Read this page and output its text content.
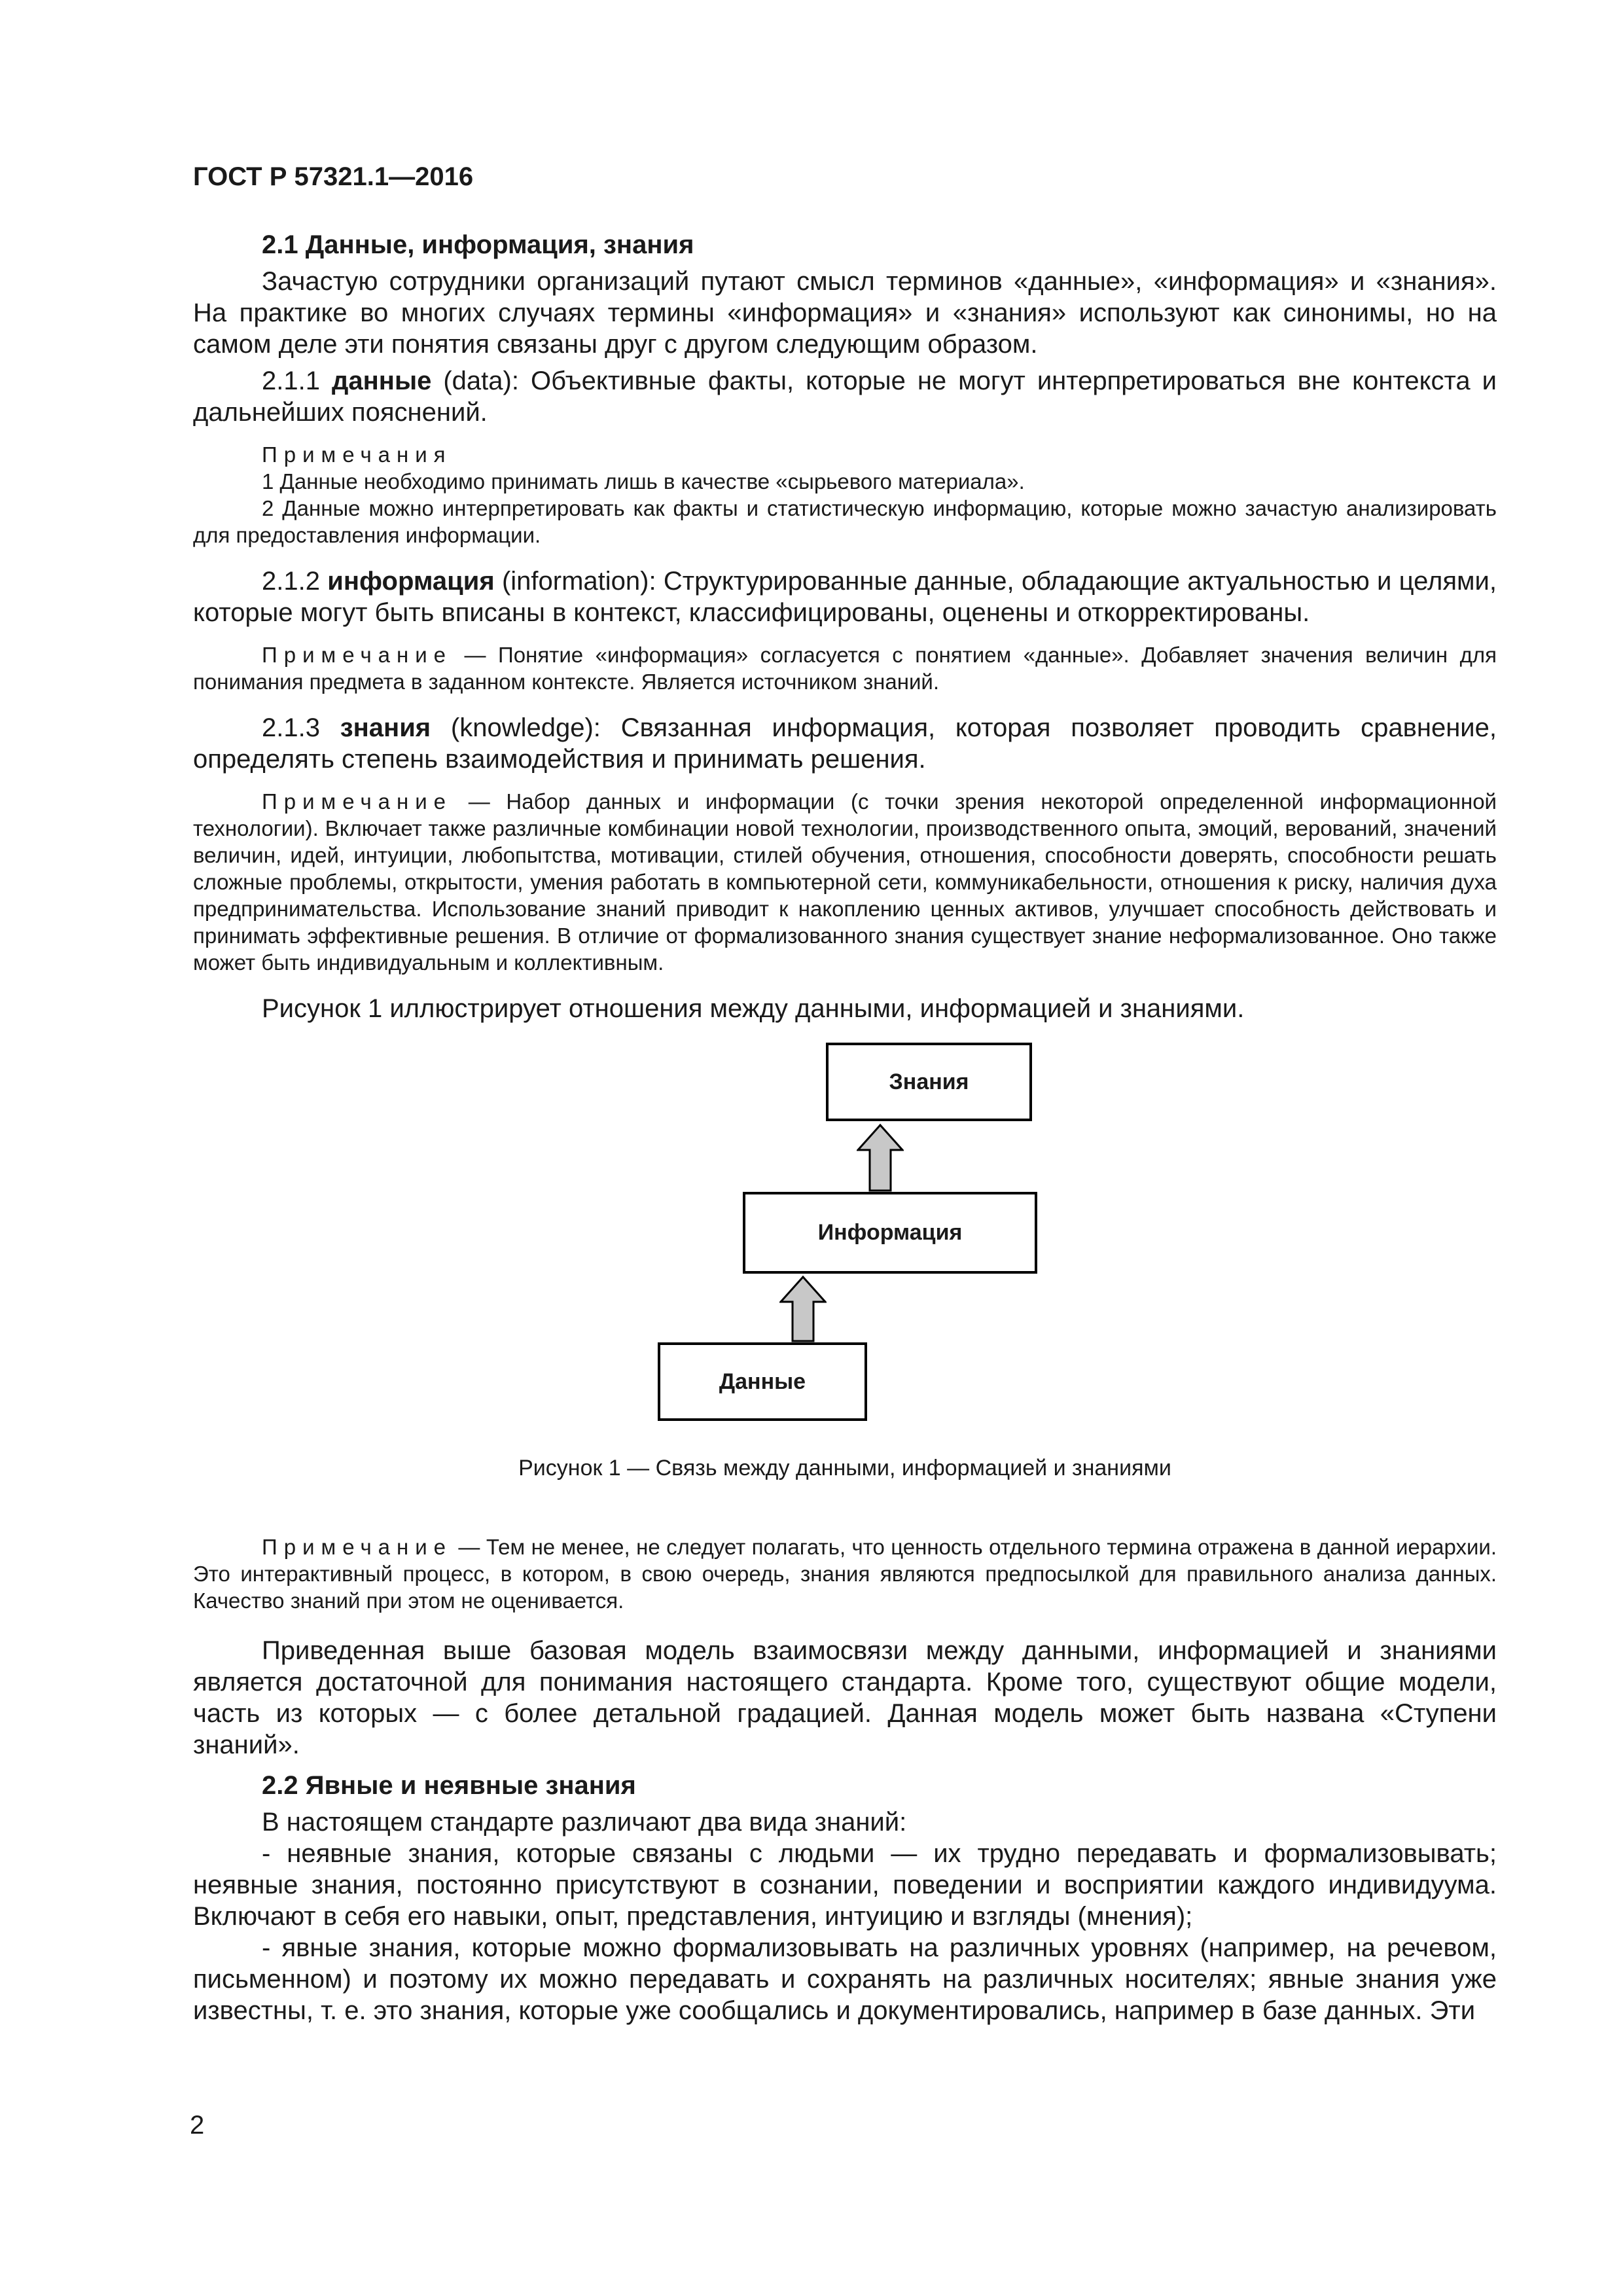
ГОСТ Р 57321.1—2016
2.1 Данные, информация, знания

Зачастую сотрудники организаций путают смысл терминов «данные», «информация» и «знания». На практике во многих случаях термины «информация» и «знания» используют как синонимы, но на самом деле эти понятия связаны друг с другом следующим образом.

2.1.1 данные (data): Объективные факты, которые не могут интерпретироваться вне контекста и дальнейших пояснений.

Примечания

1 Данные необходимо принимать лишь в качестве «сырьевого материала».

2 Данные можно интерпретировать как факты и статистическую информацию, которые можно зачастую анализировать для предоставления информации.

2.1.2 информация (information): Структурированные данные, обладающие актуальностью и целями, которые могут быть вписаны в контекст, классифицированы, оценены и откорректированы.

Примечание — Понятие «информация» согласуется с понятием «данные». Добавляет значения величин для понимания предмета в заданном контексте. Является источником знаний.

2.1.3 знания (knowledge): Связанная информация, которая позволяет проводить сравнение, определять степень взаимодействия и принимать решения.

Примечание — Набор данных и информации (с точки зрения некоторой определенной информационной технологии). Включает также различные комбинации новой технологии, производственного опыта, эмоций, верований, значений величин, идей, интуиции, любопытства, мотивации, стилей обучения, отношения, способности доверять, способности решать сложные проблемы, открытости, умения работать в компьютерной сети, коммуникабельности, отношения к риску, наличия духа предпринимательства. Использование знаний приводит к накоплению ценных активов, улучшает способность действовать и принимать эффективные решения. В отличие от формализованного знания существует знание неформализованное. Оно также может быть индивидуальным и коллективным.

Рисунок 1 иллюстрирует отношения между данными, информацией и знаниями.

Знания
Информация
Данные
Рисунок 1 — Связь между данными, информацией и знаниями

Примечание — Тем не менее, не следует полагать, что ценность отдельного термина отражена в данной иерархии. Это интерактивный процесс, в котором, в свою очередь, знания являются предпосылкой для правильного анализа данных. Качество знаний при этом не оценивается.

Приведенная выше базовая модель взаимосвязи между данными, информацией и знаниями является достаточной для понимания настоящего стандарта. Кроме того, существуют общие модели, часть из которых — с более детальной градацией. Данная модель может быть названа «Ступени знаний».

2.2 Явные и неявные знания

В настоящем стандарте различают два вида знаний:

- неявные знания, которые связаны с людьми — их трудно передавать и формализовывать; неявные знания, постоянно присутствуют в сознании, поведении и восприятии каждого индивидуума. Включают в себя его навыки, опыт, представления, интуицию и взгляды (мнения);

- явные знания, которые можно формализовывать на различных уровнях (например, на речевом, письменном) и поэтому их можно передавать и сохранять на различных носителях; явные знания уже известны, т. е. это знания, которые уже сообщались и документировались, например в базе данных. Эти

2
